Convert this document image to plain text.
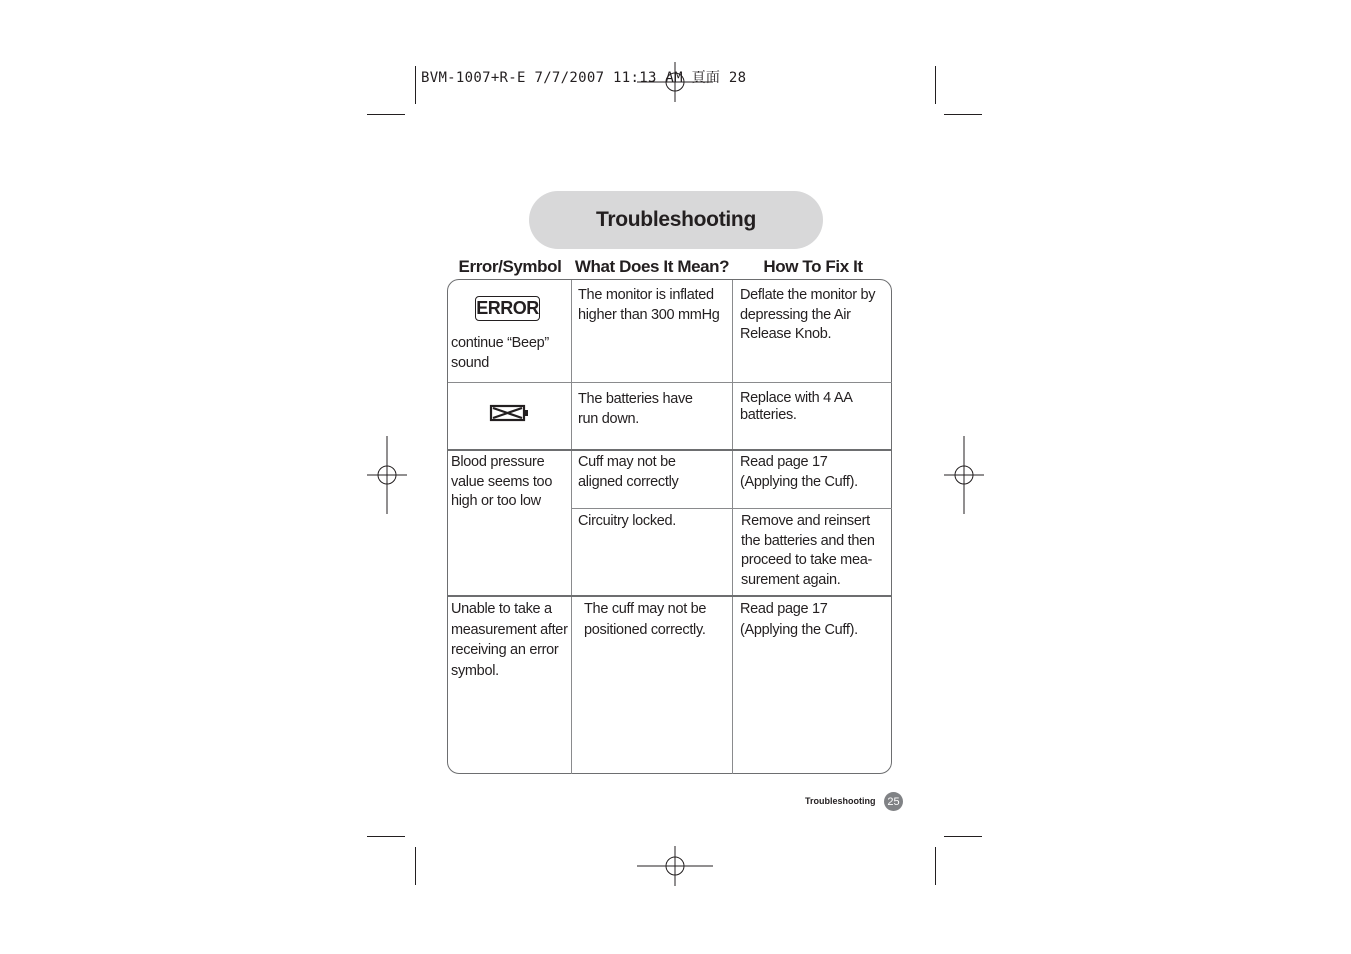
BVM-1007+R-E 7/7/2007 11:13 AM 頁面 28
Troubleshooting
Error/Symbol What Does It Mean?	How To Fix It
ERROR
continue “Beep”
sound
The monitor is inflated
higher than 300 mmHg
Deflate the monitor by
depressing the Air
Release Knob.
The batteries have
run down.
Replace with 4 AA
batteries.
Blood pressure
value seems too
high or too low
Cuff may not be
aligned correctly
Read page 17
(Applying the Cuff).
Circuitry locked.	Remove and reinsert
the batteries and then
proceed to take mea-
surement again.
Unable to take a
measurement after
receiving an error
symbol.
The cuff may not be
positioned correctly.
Read page 17
(Applying the Cuff).
Troubleshooting 25
